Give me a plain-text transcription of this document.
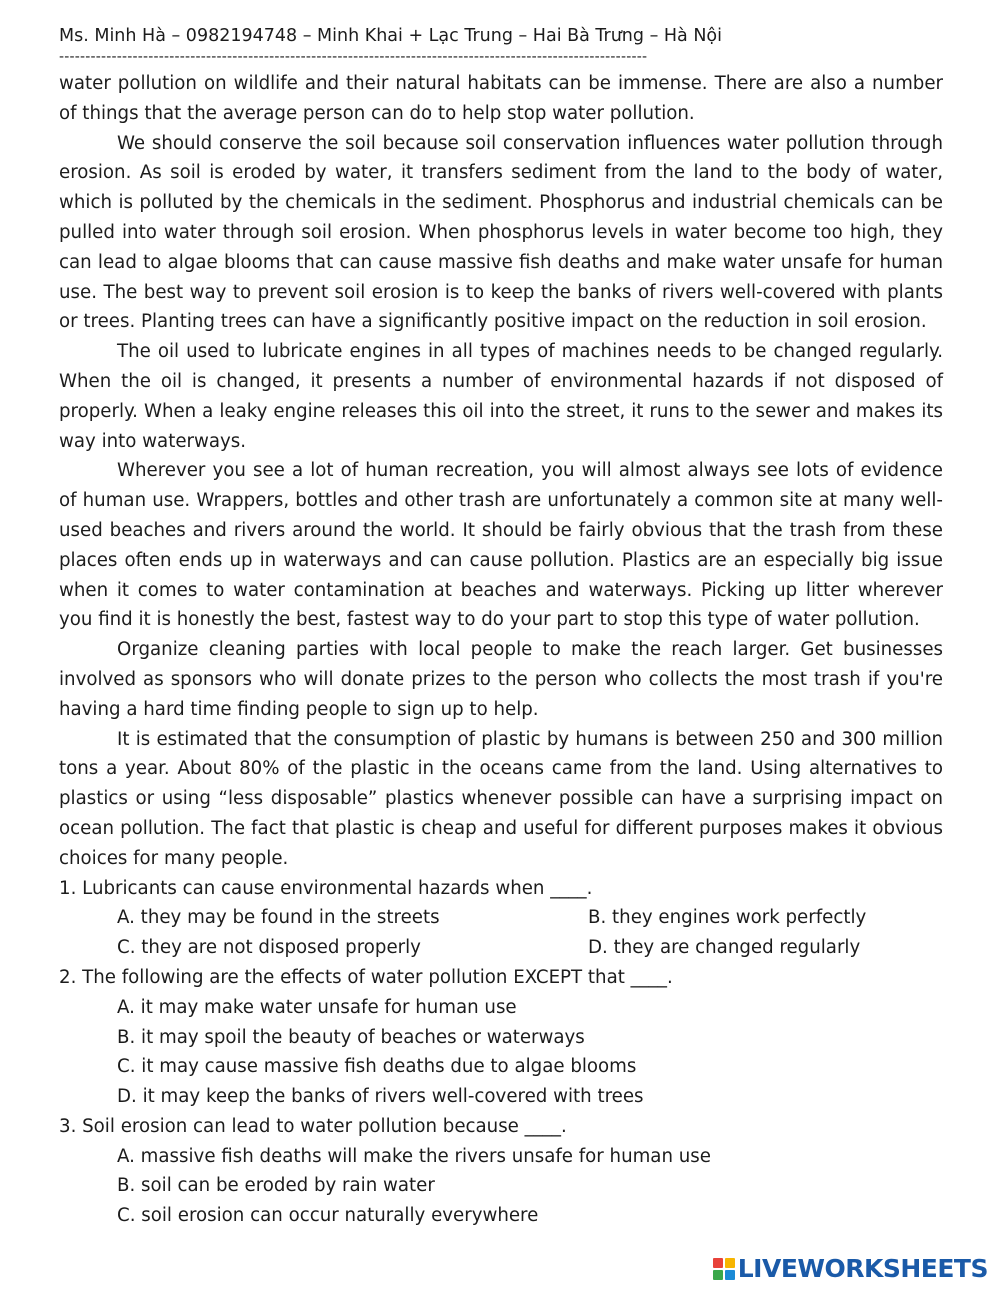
Ms. Minh Hà – 0982194748 – Minh Khai + Lạc Trung – Hai Bà Trưng – Hà Nội
----------------------------------------------------------------------------------------------------------------

water pollution on wildlife and their natural habitats can be immense. There are also a number of things that the average person can do to help stop water pollution.

We should conserve the soil because soil conservation influences water pollution through erosion. As soil is eroded by water, it transfers sediment from the land to the body of water, which is polluted by the chemicals in the sediment. Phosphorus and industrial chemicals can be pulled into water through soil erosion. When phosphorus levels in water become too high, they can lead to algae blooms that can cause massive fish deaths and make water unsafe for human use. The best way to prevent soil erosion is to keep the banks of rivers well-covered with plants or trees. Planting trees can have a significantly positive impact on the reduction in soil erosion.

The oil used to lubricate engines in all types of machines needs to be changed regularly. When the oil is changed, it presents a number of environmental hazards if not disposed of properly. When a leaky engine releases this oil into the street, it runs to the sewer and makes its way into waterways.

Wherever you see a lot of human recreation, you will almost always see lots of evidence of human use. Wrappers, bottles and other trash are unfortunately a common site at many well-used beaches and rivers around the world. It should be fairly obvious that the trash from these places often ends up in waterways and can cause pollution. Plastics are an especially big issue when it comes to water contamination at beaches and waterways. Picking up litter wherever you find it is honestly the best, fastest way to do your part to stop this type of water pollution.

Organize cleaning parties with local people to make the reach larger. Get businesses involved as sponsors who will donate prizes to the person who collects the most trash if you're having a hard time finding people to sign up to help.

It is estimated that the consumption of plastic by humans is between 250 and 300 million tons a year. About 80% of the plastic in the oceans came from the land. Using alternatives to plastics or using “less disposable” plastics whenever possible can have a surprising impact on ocean pollution. The fact that plastic is cheap and useful for different purposes makes it obvious choices for many people.

1. Lubricants can cause environmental hazards when ____.
A. they may be found in the streets	B. they engines work perfectly
C. they are not disposed properly	D. they are changed regularly
2. The following are the effects of water pollution EXCEPT that ____.
A. it may make water unsafe for human use
B. it may spoil the beauty of beaches or waterways
C. it may cause massive fish deaths due to algae blooms
D. it may keep the banks of rivers well-covered with trees
3. Soil erosion can lead to water pollution because ____.
A. massive fish deaths will make the rivers unsafe for human use
B. soil can be eroded by rain water
C. soil erosion can occur naturally everywhere
LIVEWORKSHEETS
